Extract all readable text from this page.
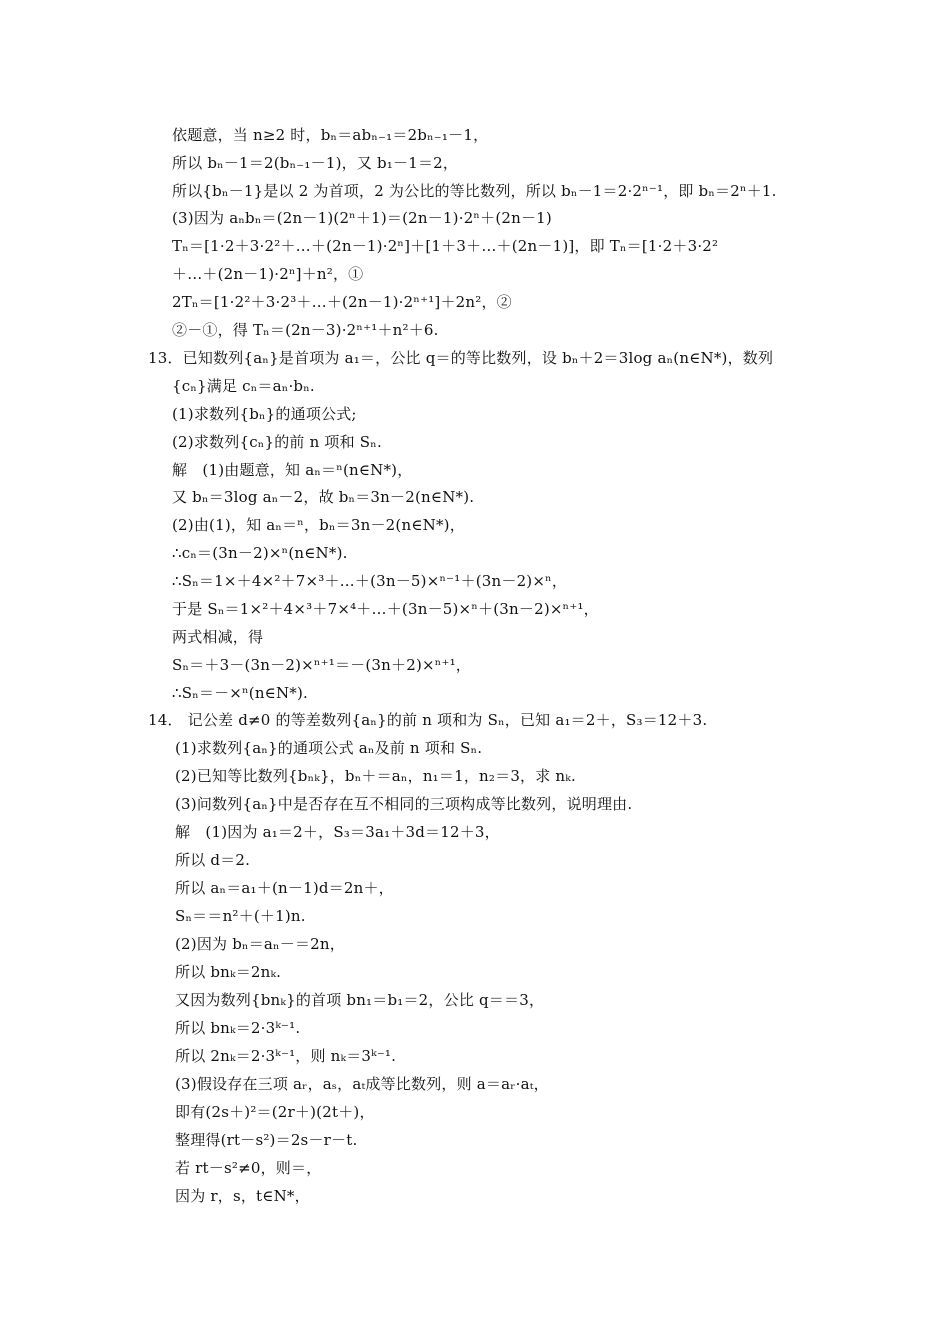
依题意，当 n≥2 时，bₙ＝abₙ₋₁＝2bₙ₋₁－1，
所以 bₙ－1＝2(bₙ₋₁－1)，又 b₁－1＝2，
所以{bₙ－1}是以 2 为首项，2 为公比的等比数列，所以 bₙ－1＝2·2ⁿ⁻¹，即 bₙ＝2ⁿ＋1.
(3)因为 aₙbₙ＝(2n－1)(2ⁿ＋1)＝(2n－1)·2ⁿ＋(2n－1)
Tₙ＝[1·2＋3·2²＋…＋(2n－1)·2ⁿ]＋[1＋3＋…＋(2n－1)]，即 Tₙ＝[1·2＋3·2²
＋…＋(2n－1)·2ⁿ]＋n²，①
2Tₙ＝[1·2²＋3·2³＋…＋(2n－1)·2ⁿ⁺¹]＋2n²，②
②－①，得 Tₙ＝(2n－3)·2ⁿ⁺¹＋n²＋6.
13．已知数列{aₙ}是首项为 a₁＝，公比 q＝的等比数列，设 bₙ＋2＝3log aₙ(n∈N*)，数列
{cₙ}满足 cₙ＝aₙ·bₙ.
(1)求数列{bₙ}的通项公式;
(2)求数列{cₙ}的前 n 项和 Sₙ.
解　(1)由题意，知 aₙ＝ⁿ(n∈N*)，
又 bₙ＝3log aₙ－2，故 bₙ＝3n－2(n∈N*).
(2)由(1)，知 aₙ＝ⁿ，bₙ＝3n－2(n∈N*)，
∴cₙ＝(3n－2)×ⁿ(n∈N*).
∴Sₙ＝1×＋4×²＋7×³＋…＋(3n－5)×ⁿ⁻¹＋(3n－2)×ⁿ，
于是 Sₙ＝1×²＋4×³＋7×⁴＋…＋(3n－5)×ⁿ＋(3n－2)×ⁿ⁺¹，
两式相减，得
Sₙ＝＋3－(3n－2)×ⁿ⁺¹＝－(3n＋2)×ⁿ⁺¹，
∴Sₙ＝－×ⁿ(n∈N*).
14． 记公差 d≠0 的等差数列{aₙ}的前 n 项和为 Sₙ，已知 a₁＝2＋，S₃＝12＋3.
(1)求数列{aₙ}的通项公式 aₙ及前 n 项和 Sₙ.
(2)已知等比数列{bₙₖ}，bₙ＋＝aₙ，n₁＝1，n₂＝3，求 nₖ.
(3)问数列{aₙ}中是否存在互不相同的三项构成等比数列，说明理由.
解　(1)因为 a₁＝2＋，S₃＝3a₁＋3d＝12＋3，
所以 d＝2.
所以 aₙ＝a₁＋(n－1)d＝2n＋，
Sₙ＝＝n²＋(＋1)n.
(2)因为 bₙ＝aₙ－＝2n，
所以 bnₖ＝2nₖ.
又因为数列{bnₖ}的首项 bn₁＝b₁＝2，公比 q＝＝3，
所以 bnₖ＝2·3ᵏ⁻¹.
所以 2nₖ＝2·3ᵏ⁻¹，则 nₖ＝3ᵏ⁻¹.
(3)假设存在三项 aᵣ，aₛ，aₜ成等比数列，则 a＝aᵣ·aₜ，
即有(2s＋)²＝(2r＋)(2t＋)，
整理得(rt－s²)＝2s－r－t.
若 rt－s²≠0，则＝，
因为 r，s，t∈N*，
